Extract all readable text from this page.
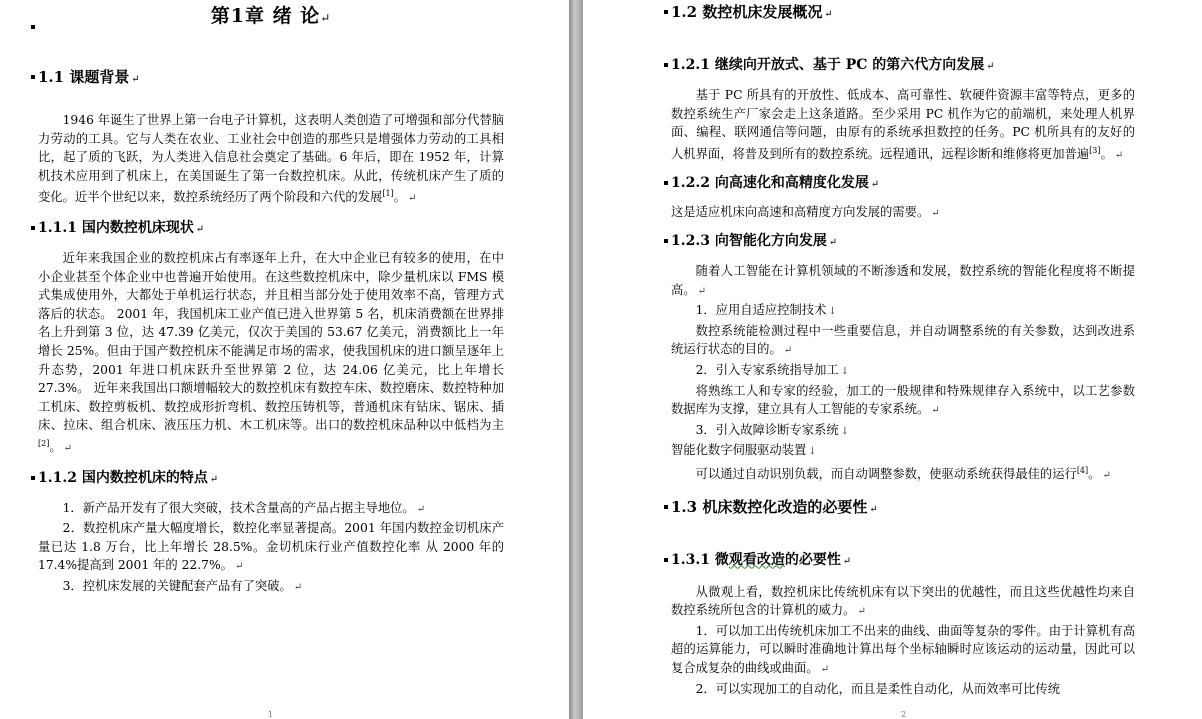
第1章 绪 论↵
1.1 课题背景 ↵

1946 年诞生了世界上第一台电子计算机，这表明人类创造了可增强和部分代替脑力劳动的工具。它与人类在农业、工业社会中创造的那些只是增强体力劳动的工具相比，起了质的飞跃，为人类进入信息社会奠定了基础。6 年后，即在 1952 年，计算机技术应用到了机床上，在美国诞生了第一台数控机床。从此，传统机床产生了质的变化。近半个世纪以来，数控系统经历了两个阶段和六代的发展[1]。 ↵

1.1.1 国内数控机床现状 ↵

近年来我国企业的数控机床占有率逐年上升，在大中企业已有较多的使用，在中小企业甚至个体企业中也普遍开始使用。在这些数控机床中，除少量机床以 FMS 模式集成使用外，大都处于单机运行状态，并且相当部分处于使用效率不高，管理方式落后的状态。 2001 年，我国机床工业产值已进入世界第 5 名，机床消费额在世界排名上升到第 3 位，达 47.39 亿美元，仅次于美国的 53.67 亿美元，消费额比上一年增长 25%。但由于国产数控机床不能满足市场的需求，使我国机床的进口额呈逐年上升态势，2001 年进口机床跃升至世界第 2 位，达 24.06 亿美元，比上年增长 27.3%。 近年来我国出口额增幅较大的数控机床有数控车床、数控磨床、数控特种加工机床、数控剪板机、数控成形折弯机、数控压铸机等，普通机床有钻床、锯床、插床、拉床、组合机床、液压压力机、木工机床等。出口的数控机床品种以中低档为主[2]。 ↵

1.1.2 国内数控机床的特点 ↵

1．新产品开发有了很大突破，技术含量高的产品占据主导地位。 ↵

2．数控机床产量大幅度增长，数控化率显著提高。2001 年国内数控金切机床产量已达 1.8 万台，比上年增长 28.5%。金切机床行业产值数控化率 从 2000 年的 17.4%提高到 2001 年的 22.7%。 ↵

3．控机床发展的关键配套产品有了突破。 ↵

1
1.2 数控机床发展概况 ↵
1.2.1 继续向开放式、基于 PC 的第六代方向发展 ↵

基于 PC 所具有的开放性、低成本、高可靠性、软硬件资源丰富等特点，更多的数控系统生产厂家会走上这条道路。至少采用 PC 机作为它的前端机，来处理人机界面、编程、联网通信等问题，由原有的系统承担数控的任务。PC 机所具有的友好的人机界面，将普及到所有的数控系统。远程通讯，远程诊断和维修将更加普遍[3]。 ↵

1.2.2 向高速化和高精度化发展 ↵

这是适应机床向高速和高精度方向发展的需要。 ↵

1.2.3 向智能化方向发展 ↵

随着人工智能在计算机领域的不断渗透和发展，数控系统的智能化程度将不断提高。 ↵

1．应用自适应控制技术 ↓

数控系统能检测过程中一些重要信息，并自动调整系统的有关参数，达到改进系统运行状态的目的。 ↵

2．引入专家系统指导加工 ↓

将熟练工人和专家的经验，加工的一般规律和特殊规律存入系统中，以工艺参数数据库为支撑，建立具有人工智能的专家系统。 ↵

3．引入故障诊断专家系统 ↓

智能化数字伺服驱动装置 ↓

可以通过自动识别负载，而自动调整参数，使驱动系统获得最佳的运行[4]。 ↵

1.3 机床数控化改造的必要性 ↵
1.3.1 微观看改造的必要性 ↵

从微观上看，数控机床比传统机床有以下突出的优越性，而且这些优越性均来自数控系统所包含的计算机的威力。 ↵

1．可以加工出传统机床加工不出来的曲线、曲面等复杂的零件。由于计算机有高超的运算能力，可以瞬时准确地计算出每个坐标轴瞬时应该运动的运动量，因此可以复合成复杂的曲线或曲面。 ↵

2．可以实现加工的自动化，而且是柔性自动化，从而效率可比传统

2
